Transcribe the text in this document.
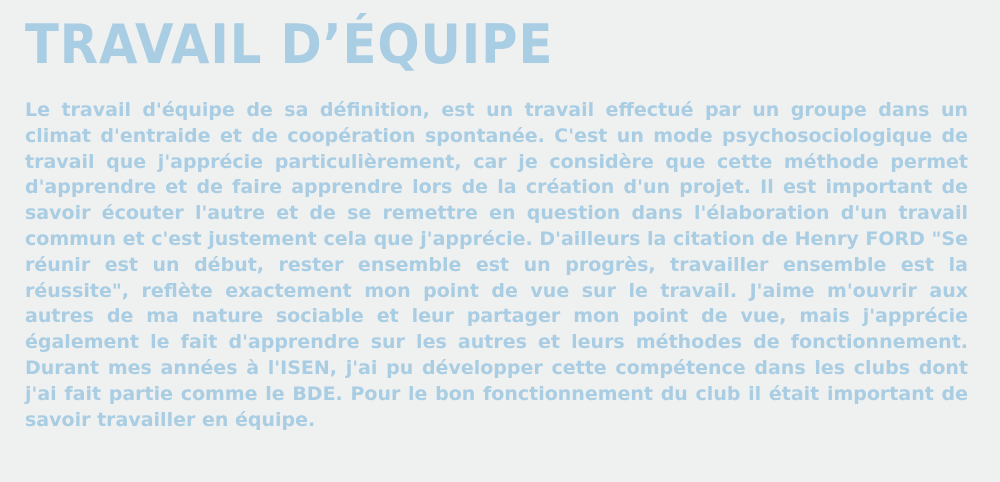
TRAVAIL D’ÉQUIPE

Le travail d'équipe de sa définition, est un travail effectué par un groupe dans un climat d'entraide et de coopération spontanée. C'est un mode psychosociologique de travail que j'apprécie particulièrement, car je considère que cette méthode permet d'apprendre et de faire apprendre lors de la création d'un projet. Il est important de savoir écouter l'autre et de se remettre en question dans l'élaboration d'un travail commun et c'est justement cela que j'apprécie. D'ailleurs la citation de Henry FORD "Se réunir est un début, rester ensemble est un progrès, travailler ensemble est la réussite", reflète exactement mon point de vue sur le travail. J'aime m'ouvrir aux autres de ma nature sociable et leur partager mon point de vue, mais j'apprécie également le fait d'apprendre sur les autres et leurs méthodes de fonctionnement. Durant mes années à l'ISEN, j'ai pu développer cette compétence dans les clubs dont j'ai fait partie comme le BDE. Pour le bon fonctionnement du club il était important de savoir travailler en équipe.
